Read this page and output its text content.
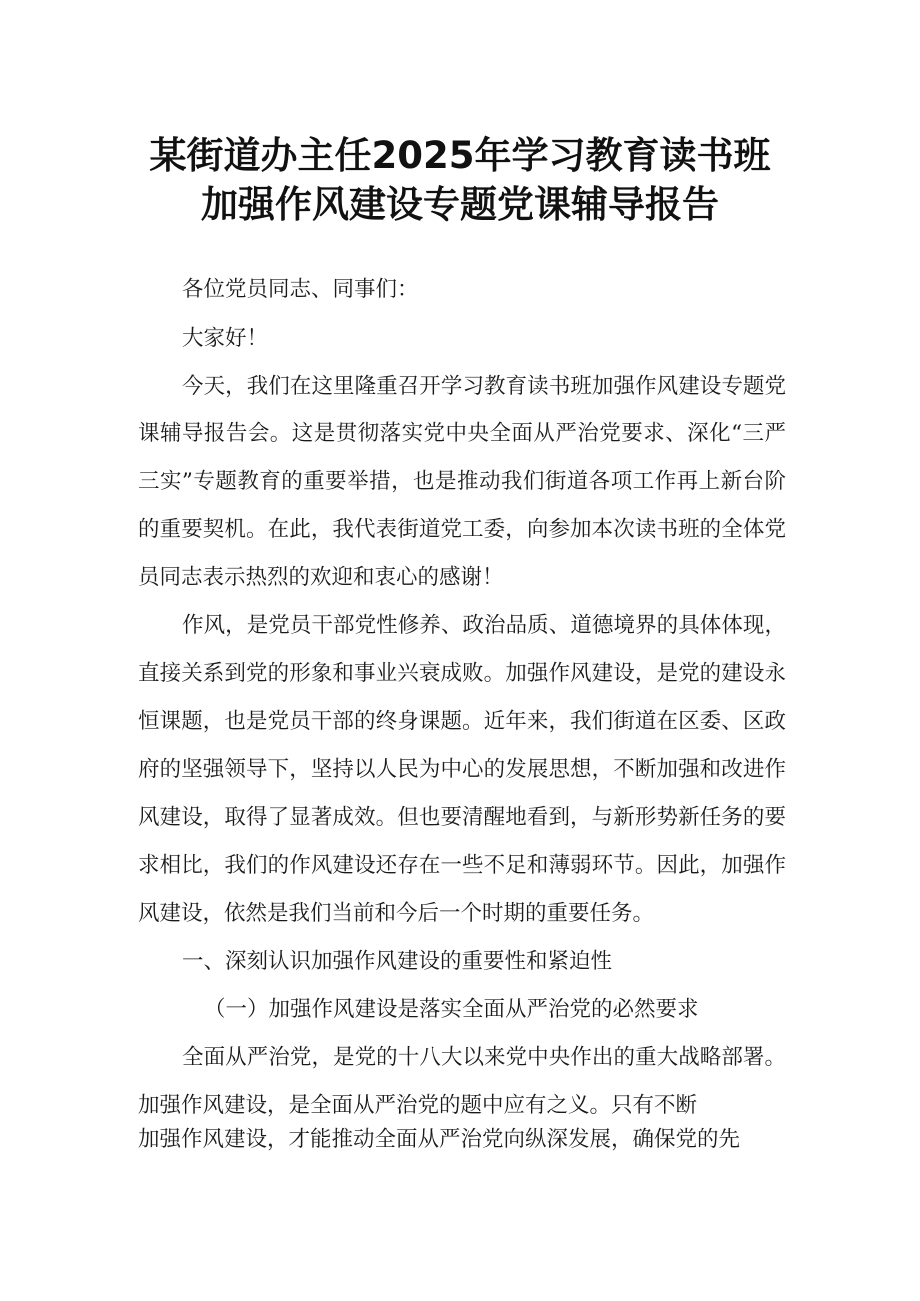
某街道办主任2025年学习教育读书班
加强作风建设专题党课辅导报告
各位党员同志、同事们：
大家好！
今天，我们在这里隆重召开学习教育读书班加强作风建设专题党
课辅导报告会。这是贯彻落实党中央全面从严治党要求、深化“三严
三实”专题教育的重要举措，也是推动我们街道各项工作再上新台阶
的重要契机。在此，我代表街道党工委，向参加本次读书班的全体党
员同志表示热烈的欢迎和衷心的感谢！
作风，是党员干部党性修养、政治品质、道德境界的具体体现，
直接关系到党的形象和事业兴衰成败。加强作风建设，是党的建设永
恒课题，也是党员干部的终身课题。近年来，我们街道在区委、区政
府的坚强领导下，坚持以人民为中心的发展思想，不断加强和改进作
风建设，取得了显著成效。但也要清醒地看到，与新形势新任务的要
求相比，我们的作风建设还存在一些不足和薄弱环节。因此，加强作
风建设，依然是我们当前和今后一个时期的重要任务。
一、深刻认识加强作风建设的重要性和紧迫性
（一）加强作风建设是落实全面从严治党的必然要求
全面从严治党，是党的十八大以来党中央作出的重大战略部署。
加强作风建设，是全面从严治党的题中应有之义。只有不断
加强作风建设，才能推动全面从严治党向纵深发展，确保党的先
